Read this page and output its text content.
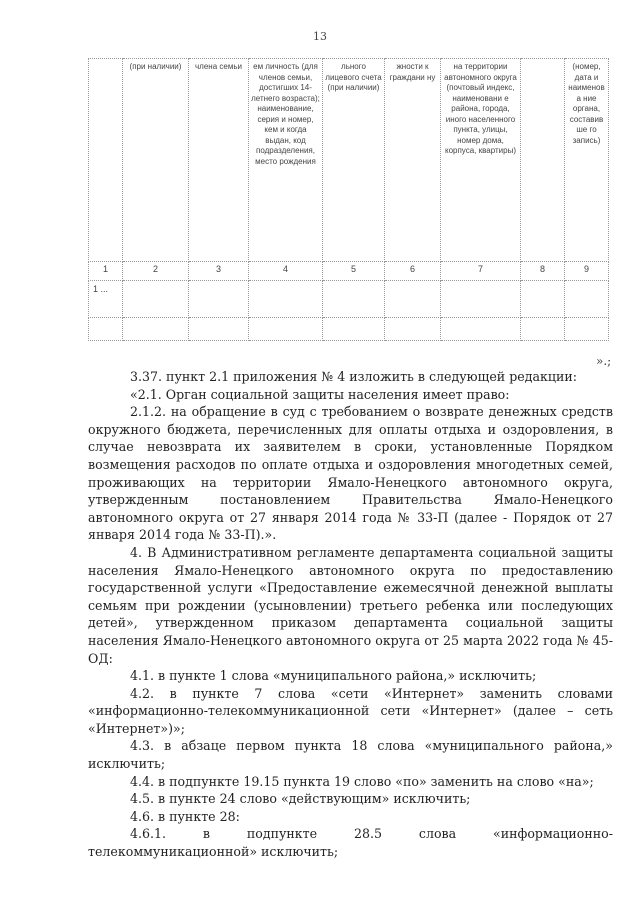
13
	(при наличии)	члена семьи	ем личность (для членов семьи, достигших 14-летнего возраста); наименование, серия и номер, кем и когда выдан, код подразделения, место рождения	льного лицевого счета (при наличии)	жности к граждани ну	на территории автономного округа (почтовый индекс, наименовани е района, города, иного населенного пункта, улицы, номер дома, корпуса, квартиры)		(номер, дата и наименова ние органа, составивше го запись)
1	2	3	4	5	6	7	8	9
1 ...								

».;

3.37. пункт 2.1 приложения № 4 изложить в следующей редакции:

«2.1. Орган социальной защиты населения имеет право:

2.1.2. на обращение в суд с требованием о возврате денежных средств окружного бюджета, перечисленных для оплаты отдыха и оздоровления, в случае невозврата их заявителем в сроки, установленные Порядком возмещения расходов по оплате отдыха и оздоровления многодетных семей, проживающих на территории Ямало-Ненецкого автономного округа, утвержденным постановлением Правительства Ямало-Ненецкого автономного округа от 27 января 2014 года № 33-П (далее - Порядок от 27 января 2014 года № 33-П).».

4. В Административном регламенте департамента социальной защиты населения Ямало-Ненецкого автономного округа по предоставлению государственной услуги «Предоставление ежемесячной денежной выплаты семьям при рождении (усыновлении) третьего ребенка или последующих детей», утвержденном приказом департамента социальной защиты населения Ямало-Ненецкого автономного округа от 25 марта 2022 года № 45-ОД:

4.1. в пункте 1 слова «муниципального района,» исключить;

4.2. в пункте 7 слова «сети «Интернет» заменить словами «информационно-телекоммуникационной сети «Интернет» (далее – сеть «Интернет»)»;

4.3. в абзаце первом пункта 18 слова «муниципального района,» исключить;

4.4. в подпункте 19.15 пункта 19 слово «по» заменить на слово «на»;

4.5. в пункте 24 слово «действующим» исключить;

4.6. в пункте 28:

4.6.1. в подпункте 28.5 слова «информационно-телекоммуникационной» исключить;
